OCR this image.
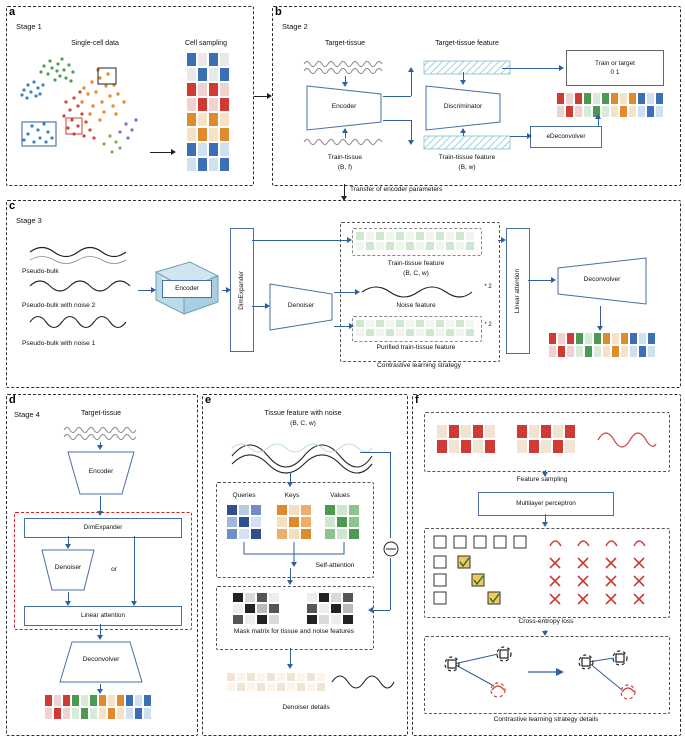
a
Stage 1
Single-cell data	Cell sampling
b
Stage 2
Target-tissue	Target-tissue feature
Encoder	Discriminator
Train or target
0 1
eDeconvolver
Train-tissue
(B, f)
Train-tissue feature
(B, w)
Transfer of encoder parameters
c
Stage 3
Pseudo-bulk
Pseudo-bulk with noise 2
Pseudo-bulk with noise 1
Encoder	DimExpander	Denoiser
Contrastive learning strategy
Train-tissue feature
(B, C, w)
* 2
Noise feature
Purified train-tissue feature
* 2
Linear attention	Deconvolver
d
Stage 4	Target-tissue
Encoder
DimExpander
Denoiser	or
Linear attention
Deconvolver
e
Tissue feature with noise
(B, C, w)
Self-attention
Queries	Keys	Values
Mask matrix for tissue and noise features
Denoiser details
f
Feature sampling
Multilayer perceptron
Cross-entropy loss
Contrastive learning strategy details
